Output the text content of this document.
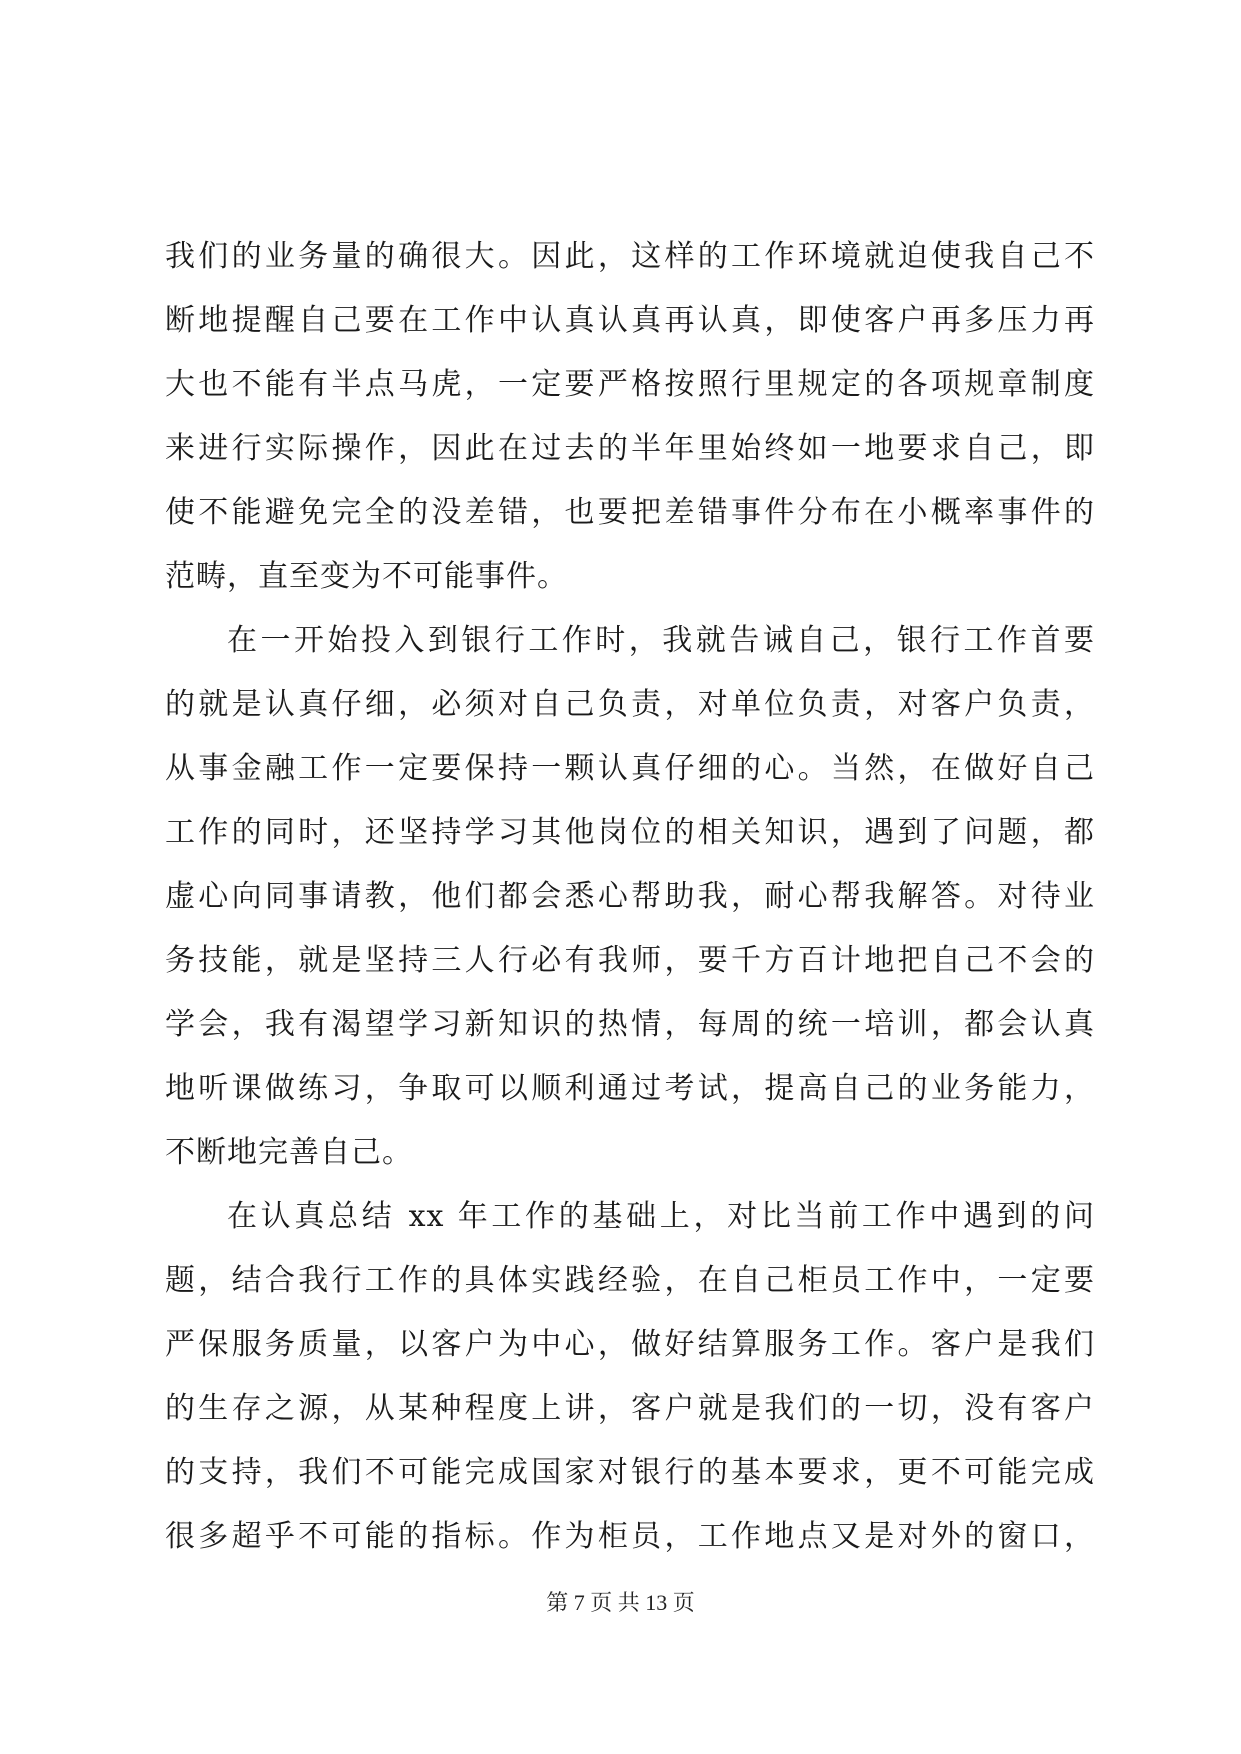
我们的业务量的确很大。因此，这样的工作环境就迫使我自己不
断地提醒自己要在工作中认真认真再认真，即使客户再多压力再
大也不能有半点马虎，一定要严格按照行里规定的各项规章制度
来进行实际操作，因此在过去的半年里始终如一地要求自己，即
使不能避免完全的没差错，也要把差错事件分布在小概率事件的
范畴，直至变为不可能事件。
在一开始投入到银行工作时，我就告诫自己，银行工作首要
的就是认真仔细，必须对自己负责，对单位负责，对客户负责，
从事金融工作一定要保持一颗认真仔细的心。当然，在做好自己
工作的同时，还坚持学习其他岗位的相关知识，遇到了问题，都
虚心向同事请教，他们都会悉心帮助我，耐心帮我解答。对待业
务技能，就是坚持三人行必有我师，要千方百计地把自己不会的
学会，我有渴望学习新知识的热情，每周的统一培训，都会认真
地听课做练习，争取可以顺利通过考试，提高自己的业务能力，
不断地完善自己。
在认真总结 xx 年工作的基础上，对比当前工作中遇到的问
题，结合我行工作的具体实践经验，在自己柜员工作中，一定要
严保服务质量，以客户为中心，做好结算服务工作。客户是我们
的生存之源，从某种程度上讲，客户就是我们的一切，没有客户
的支持，我们不可能完成国家对银行的基本要求，更不可能完成
很多超乎不可能的指标。作为柜员，工作地点又是对外的窗口，
第 7 页 共 13 页
